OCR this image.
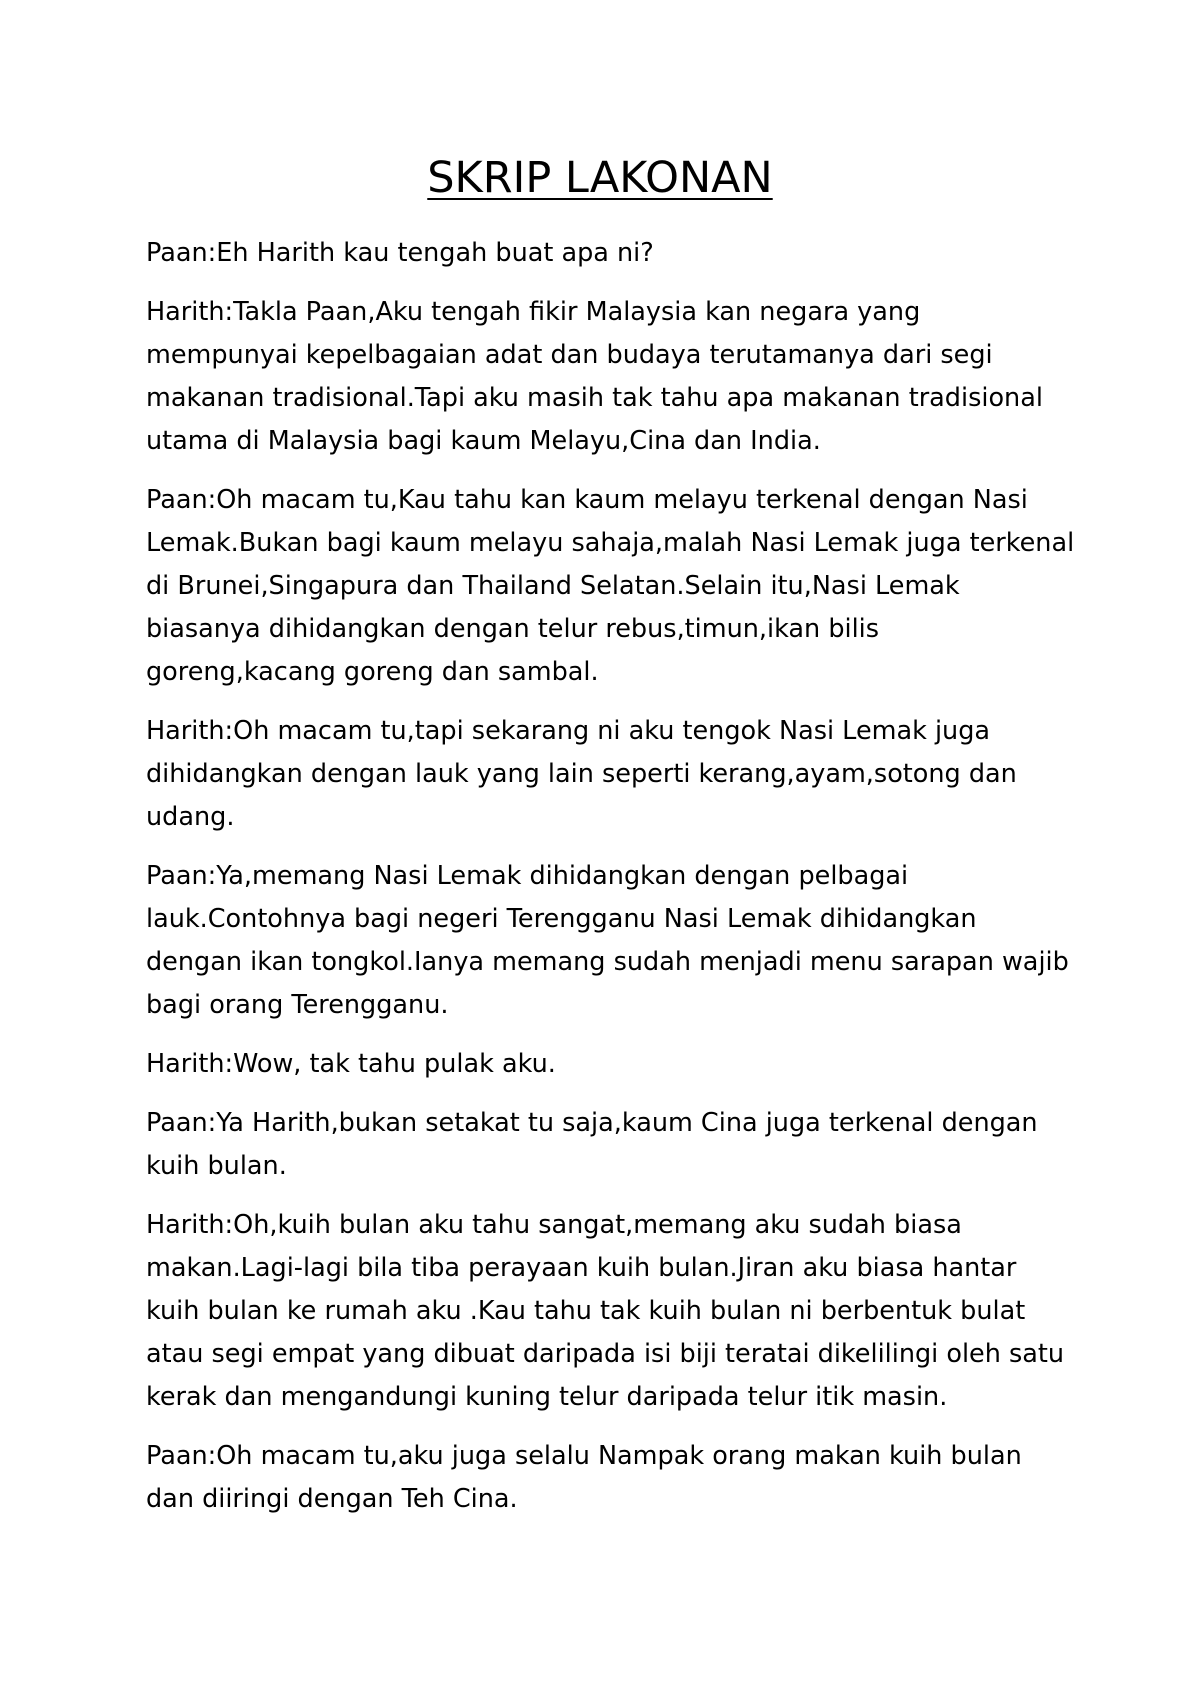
SKRIP LAKONAN

Paan:Eh Harith kau tengah buat apa ni?

Harith:Takla Paan,Aku tengah fikir Malaysia kan negara yang mempunyai kepelbagaian adat dan budaya terutamanya dari segi makanan tradisional.Tapi aku masih tak tahu apa makanan tradisional utama di Malaysia bagi kaum Melayu,Cina dan India.

Paan:Oh macam tu,Kau tahu kan kaum melayu terkenal dengan Nasi Lemak.Bukan bagi kaum melayu sahaja,malah Nasi Lemak juga terkenal di Brunei,Singapura dan Thailand Selatan.Selain itu,Nasi Lemak biasanya dihidangkan dengan telur rebus,timun,ikan bilis goreng,kacang goreng dan sambal.

Harith:Oh macam tu,tapi sekarang ni aku tengok Nasi Lemak juga dihidangkan dengan lauk yang lain seperti kerang,ayam,sotong dan udang.

Paan:Ya,memang Nasi Lemak dihidangkan dengan pelbagai lauk.Contohnya bagi negeri Terengganu Nasi Lemak dihidangkan dengan ikan tongkol.Ianya memang sudah menjadi menu sarapan wajib bagi orang Terengganu.

Harith:Wow, tak tahu pulak aku.

Paan:Ya Harith,bukan setakat tu saja,kaum Cina juga terkenal dengan kuih bulan.

Harith:Oh,kuih bulan aku tahu sangat,memang aku sudah biasa makan.Lagi-lagi bila tiba perayaan kuih bulan.Jiran aku biasa hantar kuih bulan ke rumah aku .Kau tahu tak kuih bulan ni berbentuk bulat atau segi empat yang dibuat daripada isi biji teratai dikelilingi oleh satu kerak dan mengandungi kuning telur daripada telur itik masin.

Paan:Oh macam tu,aku juga selalu Nampak orang makan kuih bulan dan diiringi dengan Teh Cina.
